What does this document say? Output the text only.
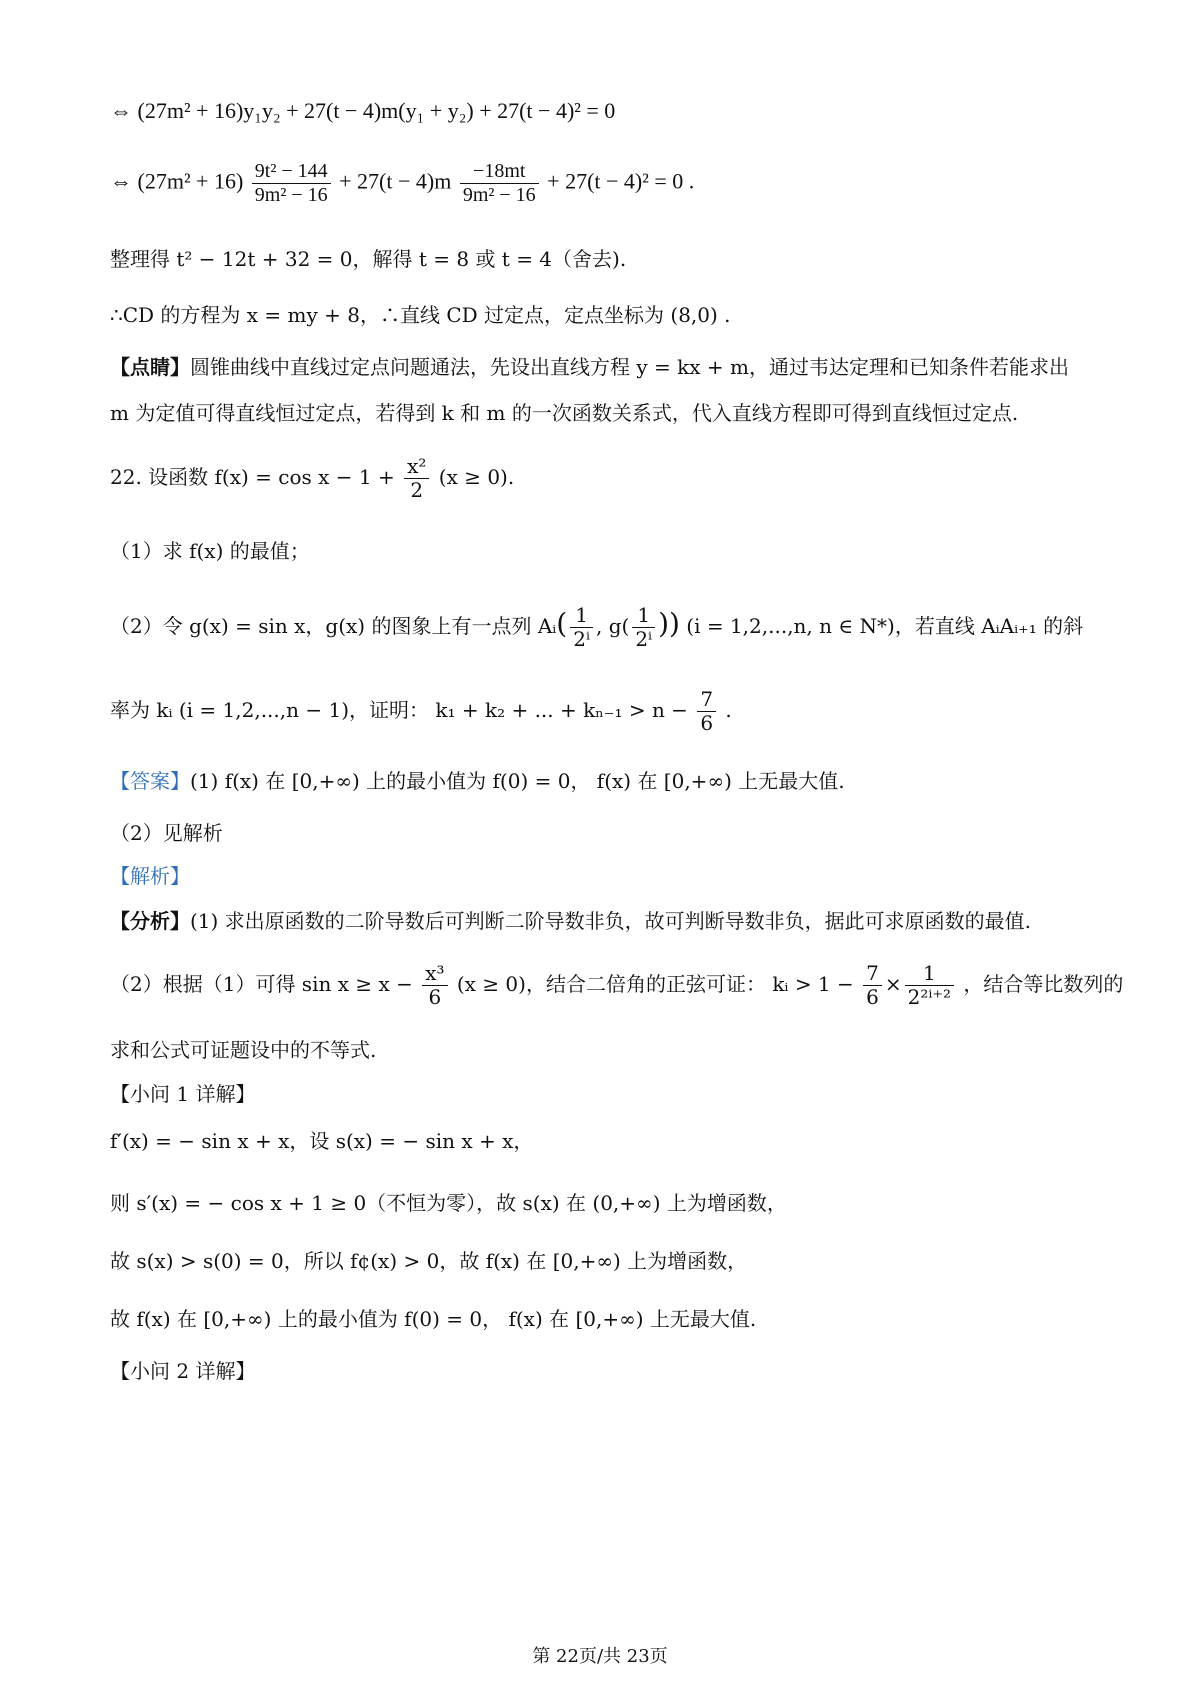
⇔ (27m² + 16)y₁y₂ + 27(t − 4)m(y₁ + y₂) + 27(t − 4)² = 0
⇔ $(27m^2 + 16) \frac{\text{9t² − 144}}{\text{9m² − 16}} + 27(t - 4)m \frac{-18mt}{\text{9m² − 16}} + 27(t - 4)^2 = 0$ .
整理得 t² − 12t + 32 = 0，解得 t = 8 或 t = 4（舍去).
∴CD 的方程为 x = my + 8，∴直线 CD 过定点，定点坐标为 (8,0) .
【点睛】圆锥曲线中直线过定点问题通法，先设出直线方程 y = kx + m，通过韦达定理和已知条件若能求出
m 为定值可得直线恒过定点，若得到 k 和 m 的一次函数关系式，代入直线方程即可得到直线恒过定点.
22. 设函数 $f(x) = \cos x - 1 + \frac{\text{x²}}{2} (x \ge 0)$.
（1）求 f(x) 的最值；
（2）令 g(x) = sin x，g(x) 的图象上有一点列 Aᵢ( $\frac{1}{\text{2ⁱ}}$ , $g( \frac{1}{\text{2ⁱ}}$ )) (i = 1,2,...,n, n ∈ N*)，若直线 AᵢAᵢ₊₁ 的斜
率为 kᵢ (i = 1,2,...,n − 1)，证明： k₁ + k₂ + ... + $k_{n-1} > n - \frac{7}{6}$ .
【答案】(1) f(x) 在 [0,+∞) 上的最小值为 f(0) = 0， f(x) 在 [0,+∞) 上无最大值.
（2）见解析
【解析】
【分析】(1) 求出原函数的二阶导数后可判断二阶导数非负，故可判断导数非负，据此可求原函数的最值.
（2）根据（1）可得 $\sin x \ge x - \frac{\text{x³}}{6} (x \ge 0)$，结合二倍角的正弦可证： kᵢ > $1 - \frac{7}{6} \times \frac{1}{\text{2²ⁱ⁺²}}$ ，结合等比数列的
求和公式可证题设中的不等式.
【小问 1 详解】
f′(x) = − sin x + x，设 s(x) = − sin x + x，
则 s′(x) = − cos x + 1 ≥ 0（不恒为零），故 s(x) 在 (0,+∞) 上为增函数，
故 s(x) > s(0) = 0，所以 f¢(x) > 0，故 f(x) 在 [0,+∞) 上为增函数，
故 f(x) 在 [0,+∞) 上的最小值为 f(0) = 0， f(x) 在 [0,+∞) 上无最大值.
【小问 2 详解】
第 22页/共 23页
